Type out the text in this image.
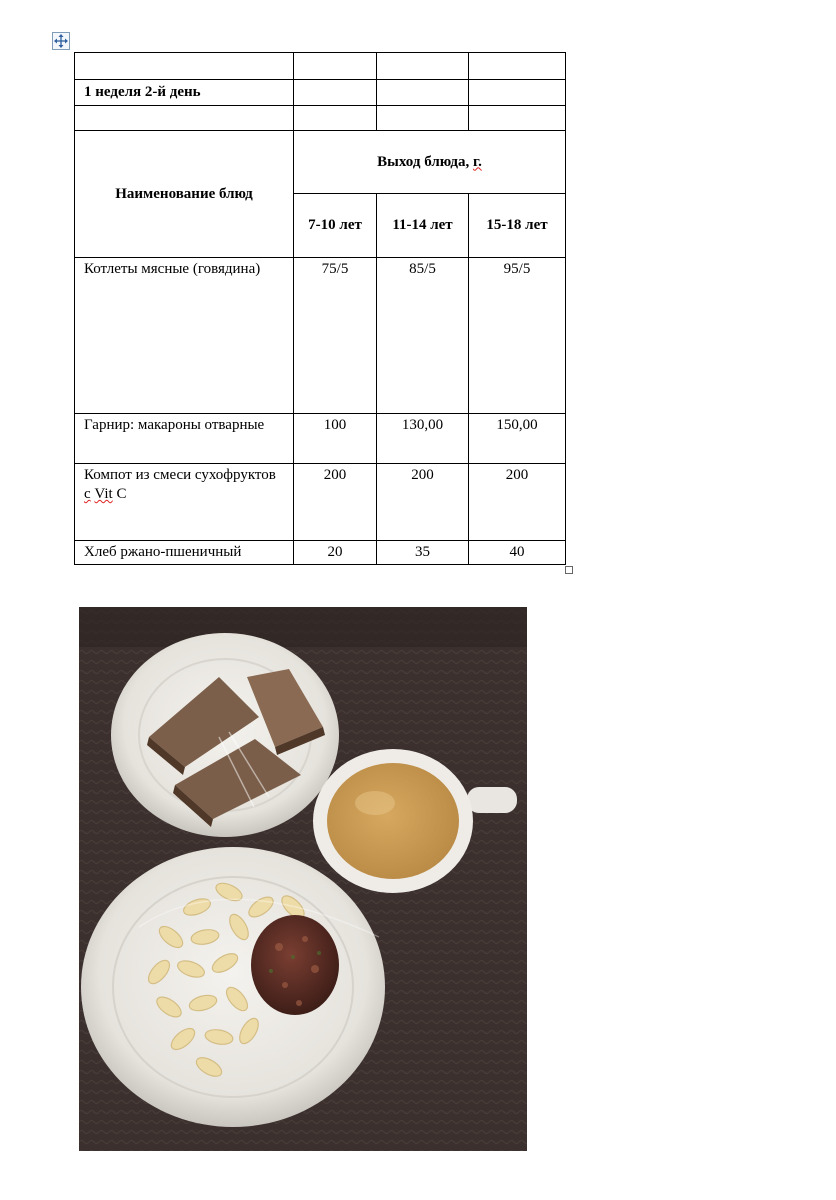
1 неделя 2-й день			

Наименование блюд	Выход блюда, г.		
	7-10 лет	11-14 лет	15-18 лет
Котлеты мясные (говядина)	75/5	85/5	95/5
Гарнир: макароны отварные	100	130,00	150,00
Компот из смеси сухофруктов с Vit C	200	200	200
Хлеб ржано-пшеничный	20	35	40
